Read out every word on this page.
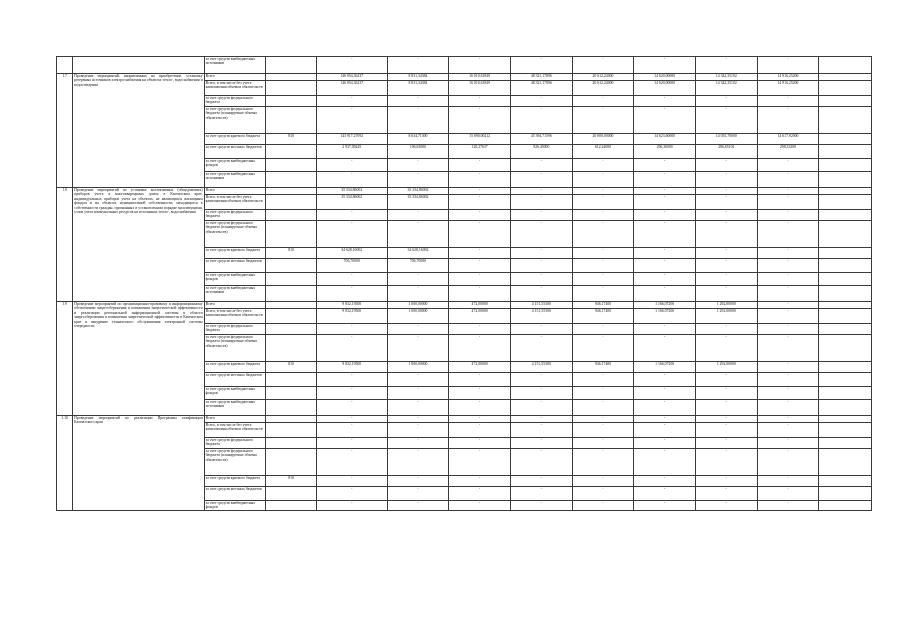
		за счет средств внебюджетных источников		-	-	-	-	-	-	-	-	
1.7	Проведение мероприятий, направленных на приобретение, установку резервных источников электроснабжения на объектах тепло-, водоснабжения и водоотведения	Всего		146 854,36237	8 831,34384	16 010,61849	48 321,17896	20 612,24000	14 620,00000	14 342,35102	14 916,25206	
		Всего, в том числе без учета капвложения объемов обязательств		146 854,36237	8 831,34384	16 010,61849	48 321,17896	20 612,24000	14 620,00000	14 342,35102	14 916,25206	
		за счет средств федерального бюджета		-	-	-	-	-	-	-	-	
		за счет средств федерального бюджета (планируемые объемы обязательств)		-	-	-	-	-	-	-	-	
		за счет средств краевого бюджета	810	143 917,27092	8 634,71300	15 890,00212	45 394,71596	20 000,00000	14 623,60000	14 055,70000	14 617,92000	
		за счет средств местных бюджетов		2 937,09245	196,63000	120,27637	926,45000	612,24000	296,36000	286,65102	298,33208	
		за счет средств внебюджетных фондов		-	-	-	-	-	-	-	-	
		за счет средств внебюджетных источников		-	-	-	-	-	-	-	-	
1.8	Проведение мероприятий по установке коллективных (общедомовых) приборов учета в многоквартирных домах в Камчатском крае, индивидуальных приборов учета на объектах, не являющихся жилищным фондом и на объектах муниципальной собственности, находящихся в собственности граждан, признанных в установленном порядке малоимущими, узлов учета коммунальных ресурсов на источниках тепло-, водоснабжения	Всего		35 334,86002	35 334,86002	-	-	-	-	-	-	
		Всего, в том числе без учета капвложения объемов обязательств		35 334,86002	35 334,86002	-	-	-	-	-	-	
		за счет средств федерального бюджета		-	-	-	-	-	-	-	-	
		за счет средств федерального бюджета (планируемые объемы обязательств)		-	-	-	-	-	-	-	-	
		за счет средств краевого бюджета	810	34 628,16002	34 628,16002	-	-	-	-	-	-	
		за счет средств местных бюджетов		706,70000	706,70000	-	-	-	-	-	-	
		за счет средств внебюджетных фондов		-	-	-	-	-	-	-	-	
		за счет средств внебюджетных источников		-	-	-	-	-	-	-	-	
1.9	Проведение мероприятий по организационно-правовому и информационному обеспечению энергосбережения и повышения энергетической эффективности и реализации региональной информационной системы в области энергосбережения и повышения энергетической эффективности в Камчатском крае и внедрение технического обслуживания электронной системы очередности	Всего		9 832,19500	1 000,00000	472,00000	4 151,55300	946,17400	1 166,07200	1 292,00000	-	
		Всего, в том числе без учета капвложения объемов обязательств		9 832,19500	1 000,00000	472,00000	4 151,55300	946,17400	1 166,07200	1 292,00000	-	
		за счет средств федерального бюджета		-	-	-	-	-	-	-	-	
		за счет средств федерального бюджета (планируемые объемы обязательств)		-	-	-	-	-	-	-	-	
		за счет средств краевого бюджета	810	9 832,19500	1 000,00000	472,00000	4 151,55300	946,17400	1 166,07200	1 292,00000	-	
		за счет средств местных бюджетов		-	-	-	-	-	-	-	-	
		за счет средств внебюджетных фондов		-	-	-	-	-	-	-	-	
		за счет средств внебюджетных источников		-	-	-	-	-	-	-	-	
1.10	Проведение мероприятий по реализации Программы газификации Камчатского края	Всего		-	-	-	-	-	-	-	-	
		Всего, в том числе без учета капвложения объемов обязательств		-	-	-	-	-	-	-	-	
		за счет средств федерального бюджета		-	-	-	-	-	-	-	-	
		за счет средств федерального бюджета (планируемые объемы обязательств)		-	-	-	-	-	-	-	-	
		за счет средств краевого бюджета	810	-	-	-	-	-	-	-	-	
		за счет средств местных бюджетов		-	-	-	-	-	-	-	-	
		за счет средств внебюджетных фондов		-	-	-	-	-	-	-	-	
